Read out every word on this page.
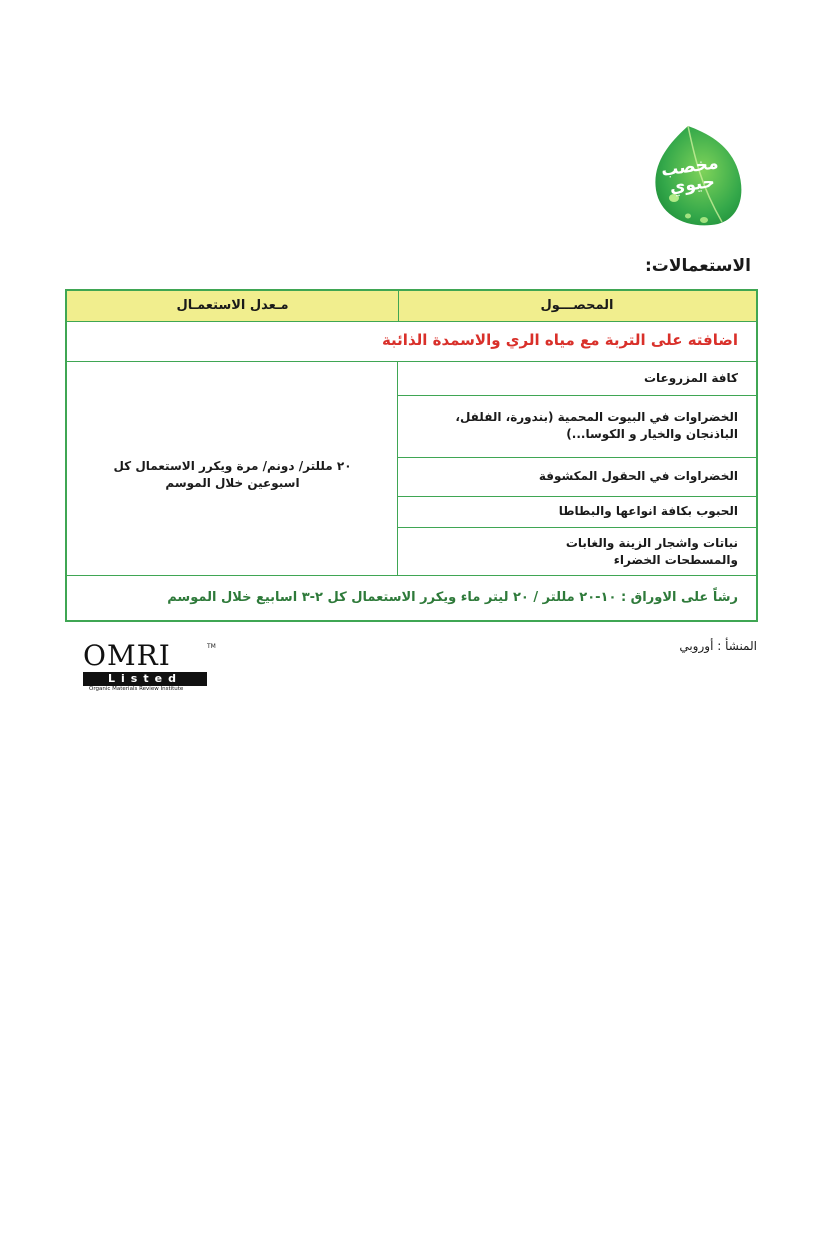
مخصب حيوي
الاستعمالات:
المحصـــول
مـعدل الاستعمـال
اضافته على التربة مع مياه الري والاسمدة الذائبة
٢٠ مللتر/ دونم/ مرة ويكرر الاستعمال كل اسبوعين خلال الموسم
كافة المزروعات
الخضراوات في البيوت المحمية (بندورة، الفلفل، الباذنجان والخيار و الكوسا...)
الخضراوات في الحقول المكشوفة
الحبوب بكافة انواعها والبطاطا
نباتات واشجار الزينة والغابات والمسطحات الخضراء
رشاً على الاوراق : ١٠-٢٠ مللتر / ٢٠ ليتر ماء ويكرر الاستعمال كل ٢-٣ اسابيع خلال الموسم
المنشأ : أوروبي
OMRI	TM
Listed
Organic Materials Review Institute
